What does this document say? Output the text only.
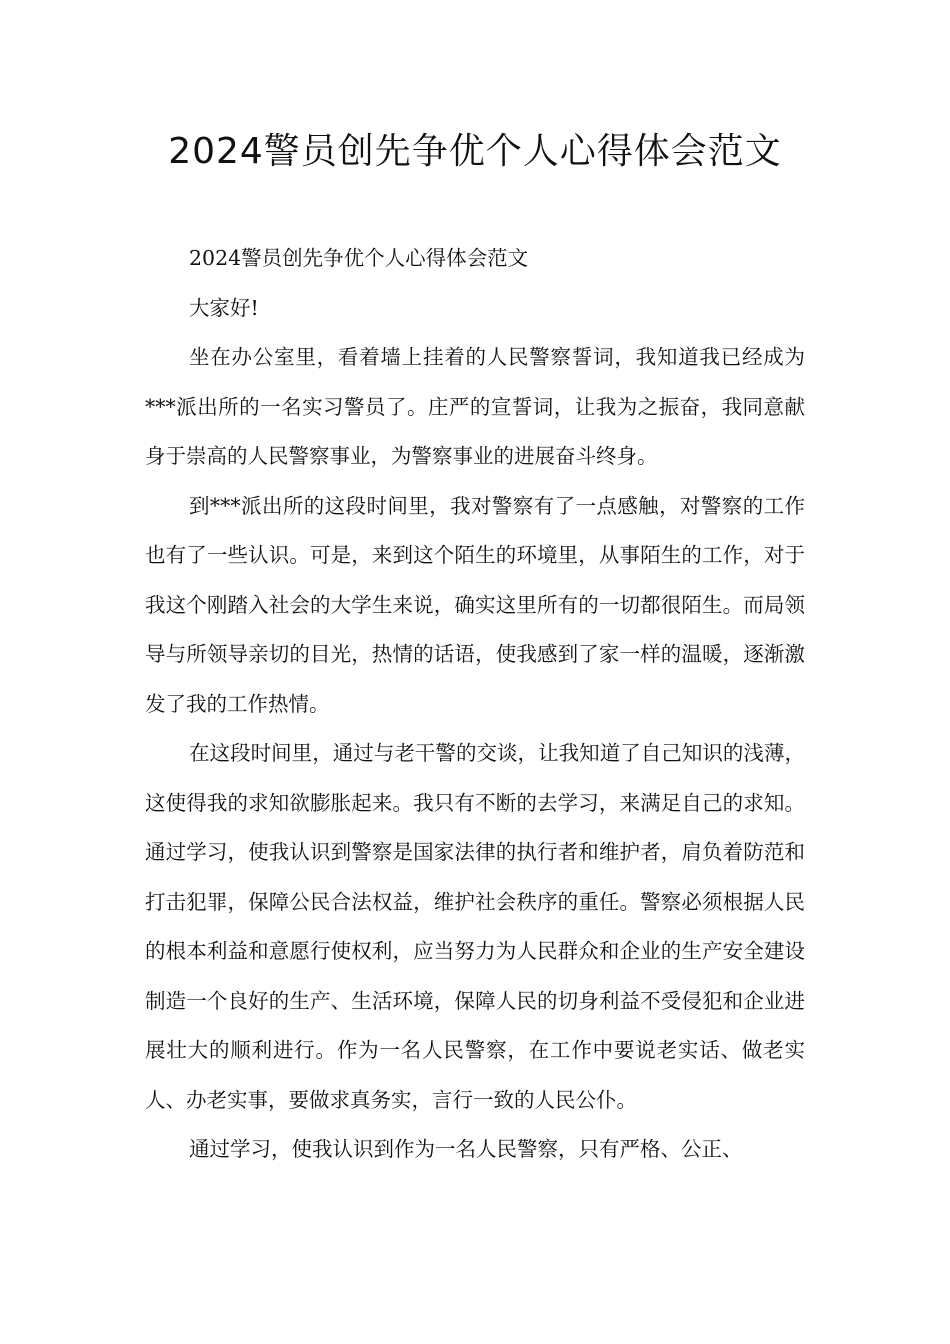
2024警员创先争优个人心得体会范文

2024警员创先争优个人心得体会范文

大家好!

坐在办公室里，看着墙上挂着的人民警察誓词，我知道我已经成为***派出所的一名实习警员了。庄严的宣誓词，让我为之振奋，我同意献身于崇高的人民警察事业，为警察事业的进展奋斗终身。

到***派出所的这段时间里，我对警察有了一点感触，对警察的工作也有了一些认识。可是，来到这个陌生的环境里，从事陌生的工作，对于我这个刚踏入社会的大学生来说，确实这里所有的一切都很陌生。而局领导与所领导亲切的目光，热情的话语，使我感到了家一样的温暖，逐渐激发了我的工作热情。

在这段时间里，通过与老干警的交谈，让我知道了自己知识的浅薄，这使得我的求知欲膨胀起来。我只有不断的去学习，来满足自己的求知。通过学习，使我认识到警察是国家法律的执行者和维护者，肩负着防范和打击犯罪，保障公民合法权益，维护社会秩序的重任。警察必须根据人民的根本利益和意愿行使权利，应当努力为人民群众和企业的生产安全建设制造一个良好的生产、生活环境，保障人民的切身利益不受侵犯和企业进展壮大的顺利进行。作为一名人民警察，在工作中要说老实话、做老实人、办老实事，要做求真务实，言行一致的人民公仆。

通过学习，使我认识到作为一名人民警察，只有严格、公正、
